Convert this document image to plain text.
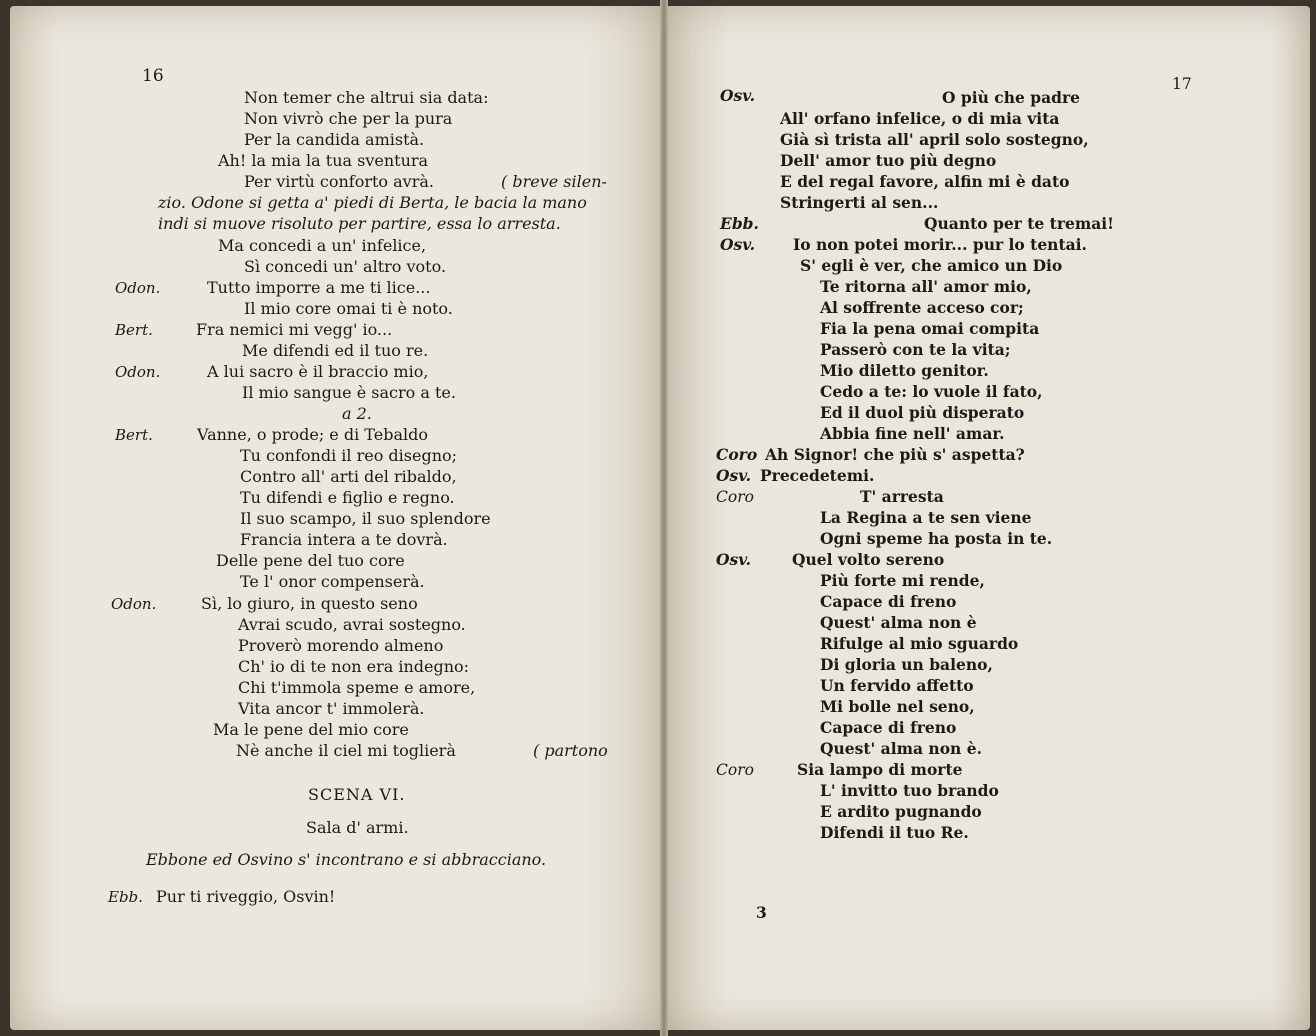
16
Non temer che altrui sia data:
Non vivrò che per la pura
Per la candida amistà.
Ah! la mia la tua sventura
Per virtù conforto avrà.	( breve silen-
zio. Odone si getta a' piedi di Berta, le bacia la mano
indi si muove risoluto per partire, essa lo arresta.
Ma concedi a un' infelice,
Sì concedi un' altro voto.
Odon.	Tutto imporre a me ti lice...
Il mio core omai ti è noto.
Bert.	Fra nemici mi vegg' io...
Me difendi ed il tuo re.
Odon.	A lui sacro è il braccio mio,
Il mio sangue è sacro a te.
a 2.
Bert.	Vanne, o prode; e di Tebaldo
Tu confondi il reo disegno;
Contro all' arti del ribaldo,
Tu difendi e figlio e regno.
Il suo scampo, il suo splendore
Francia intera a te dovrà.
Delle pene del tuo core
Te l' onor compenserà.
Odon.	Sì, lo giuro, in questo seno
Avrai scudo, avrai sostegno.
Proverò morendo almeno
Ch' io di te non era indegno:
Chi t'immola speme e amore,
Vita ancor t' immolerà.
Ma le pene del mio core
Nè anche il ciel mi toglierà	( partono
SCENA VI.
Sala d' armi.
Ebbone ed Osvino s' incontrano e si abbracciano.
Ebb. Pur ti riveggio, Osvin!
17
Osv.	O più che padre
All' orfano infelice, o di mia vita
Già sì trista all' april solo sostegno,
Dell' amor tuo più degno
E del regal favore, alfin mi è dato
Stringerti al sen...
Ebb.	Quanto per te tremai!
Osv. Io non potei morir... pur lo tentai.
S' egli è ver, che amico un Dio
Te ritorna all' amor mio,
Al soffrente acceso cor;
Fia la pena omai compita
Passerò con te la vita;
Mio diletto genitor.
Cedo a te: lo vuole il fato,
Ed il duol più disperato
Abbia fine nell' amar.
Coro Ah Signor! che più s' aspetta?
Osv. Precedetemi.
Coro	T' arresta
La Regina a te sen viene
Ogni speme ha posta in te.
Osv.	Quel volto sereno
Più forte mi rende,
Capace di freno
Quest' alma non è
Rifulge al mio sguardo
Di gloria un baleno,
Un fervido affetto
Mi bolle nel seno,
Capace di freno
Quest' alma non è.
Coro	Sia lampo di morte
L' invitto tuo brando
E ardito pugnando
Difendi il tuo Re.
3
